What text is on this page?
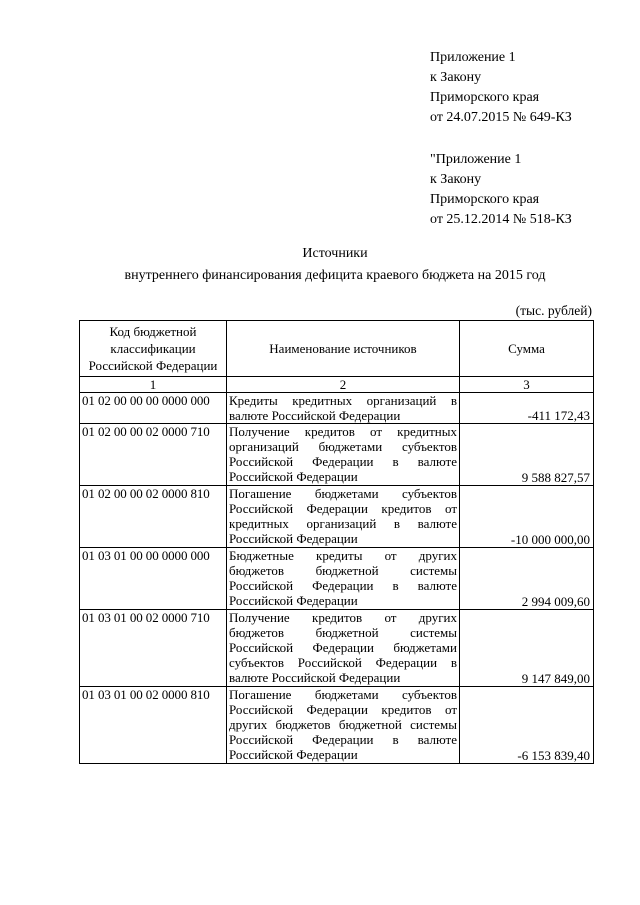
Приложение 1
к Закону
Приморского края
от 24.07.2015 № 649-КЗ
"Приложение 1
к Закону
Приморского края
от 25.12.2014 № 518-КЗ
Источники
внутреннего финансирования дефицита краевого бюджета на 2015 год
(тыс. рублей)
Код бюджетной классификации Российской Федерации	Наименование источников	Сумма
1	2	3
01 02 00 00 00 0000 000	Кредиты кредитных организаций в валюте Российской Федерации	-411 172,43
01 02 00 00 02 0000 710	Получение кредитов от кредитных организаций бюджетами субъектов Российской Федерации в валюте Российской Федерации	9 588 827,57
01 02 00 00 02 0000 810	Погашение бюджетами субъектов Российской Федерации кредитов от кредитных организаций в валюте Российской Федерации	-10 000 000,00
01 03 01 00 00 0000 000	Бюджетные кредиты от других бюджетов бюджетной системы Российской Федерации в валюте Российской Федерации	2 994 009,60
01 03 01 00 02 0000 710	Получение кредитов от других бюджетов бюджетной системы Российской Федерации бюджетами субъектов Российской Федерации в валюте Российской Федерации	9 147 849,00
01 03 01 00 02 0000 810	Погашение бюджетами субъектов Российской Федерации кредитов от других бюджетов бюджетной системы Российской Федерации в валюте Российской Федерации	-6 153 839,40
